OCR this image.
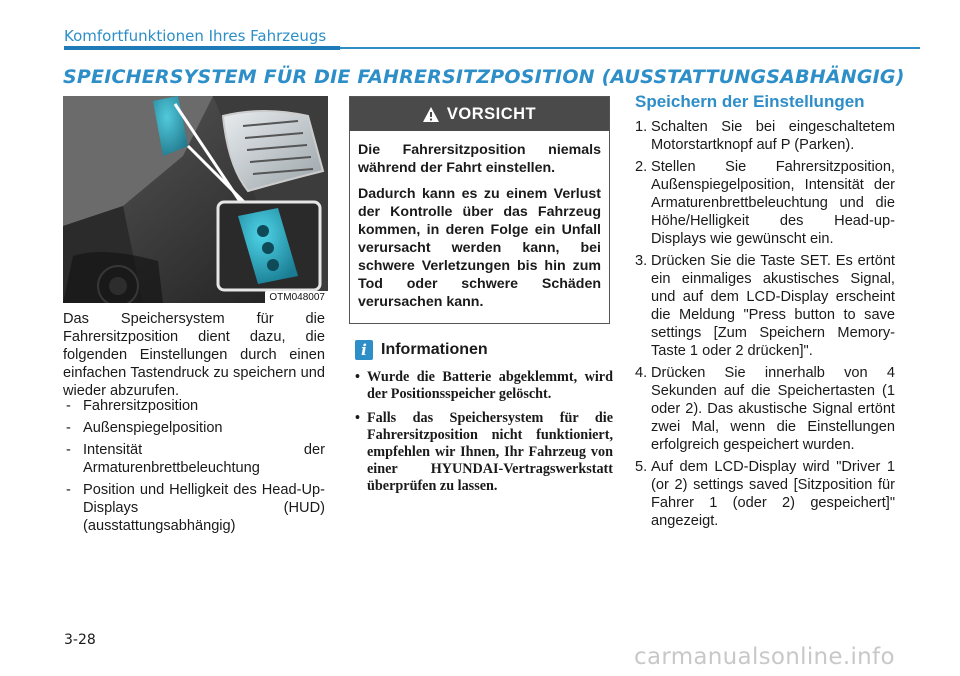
Komfortfunktionen Ihres Fahrzeugs
SPEICHERSYSTEM FÜR DIE FAHRERSITZPOSITION (AUSSTATTUNGSABHÄNGIG)
OTM048007

Das Speichersystem für die Fahrersitzposition dient dazu, die folgenden Einstellungen durch einen einfachen Tastendruck zu speichern und wieder abzurufen.

- Fahrersitzposition
- Außenspiegelposition
- Intensität der Armaturenbrettbeleuchtung
- Position und Helligkeit des Head-Up-Displays (HUD) (ausstattungsabhängig)
VORSICHT

Die Fahrersitzposition niemals während der Fahrt einstellen.

Dadurch kann es zu einem Verlust der Kontrolle über das Fahrzeug kommen, in deren Folge ein Unfall verursacht werden kann, bei schwere Verletzungen bis hin zum Tod oder schwere Schäden verursachen kann.

i Informationen
• Wurde die Batterie abgeklemmt, wird der Positionsspeicher gelöscht.
• Falls das Speichersystem für die Fahrersitzposition nicht funktioniert, empfehlen wir Ihnen, Ihr Fahrzeug von einer HYUNDAI-Vertragswerkstatt überprüfen zu lassen.
Speichern der Einstellungen
1. Schalten Sie bei eingeschaltetem Motorstartknopf auf P (Parken).
2. Stellen Sie Fahrersitzposition, Außenspiegelposition, Intensität der Armaturenbrettbeleuchtung und die Höhe/Helligkeit des Head-up-Displays wie gewünscht ein.
3. Drücken Sie die Taste SET. Es ertönt ein einmaliges akustisches Signal, und auf dem LCD-Display erscheint die Meldung "Press button to save settings [Zum Speichern Memory-Taste 1 oder 2 drücken]".
4. Drücken Sie innerhalb von 4 Sekunden auf die Speichertasten (1 oder 2). Das akustische Signal ertönt zwei Mal, wenn die Einstellungen erfolgreich gespeichert wurden.
5. Auf dem LCD-Display wird "Driver 1 (or 2) settings saved [Sitzposition für Fahrer 1 (oder 2) gespeichert]" angezeigt.
3-28
carmanualsonline.info
